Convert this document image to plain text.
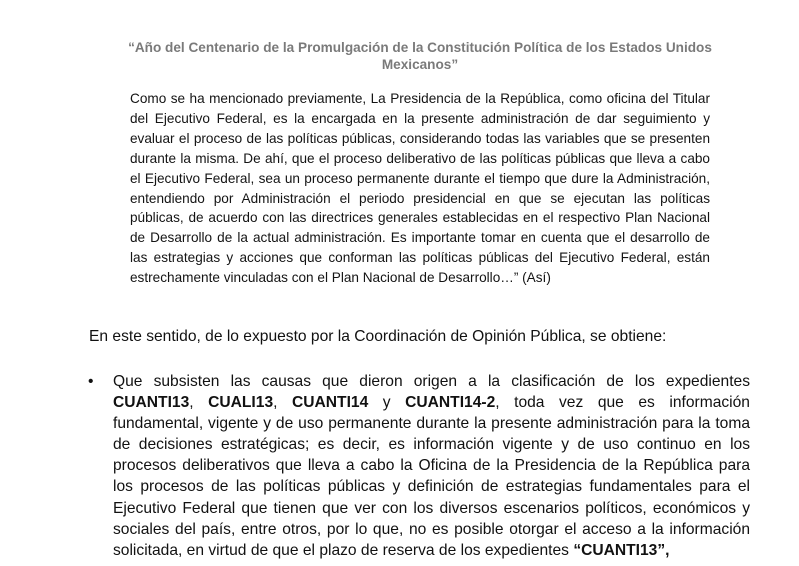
“Año del Centenario de la Promulgación de la Constitución Política de los Estados Unidos
Mexicanos”
Como se ha mencionado previamente, La Presidencia de la República, como oficina del Titular del Ejecutivo Federal, es la encargada en la presente administración de dar seguimiento y evaluar el proceso de las políticas públicas, considerando todas las variables que se presenten durante la misma. De ahí, que el proceso deliberativo de las políticas públicas que lleva a cabo el Ejecutivo Federal, sea un proceso permanente durante el tiempo que dure la Administración, entendiendo por Administración el periodo presidencial en que se ejecutan las políticas públicas, de acuerdo con las directrices generales establecidas en el respectivo Plan Nacional de Desarrollo de la actual administración. Es importante tomar en cuenta que el desarrollo de las estrategias y acciones que conforman las políticas públicas del Ejecutivo Federal, están estrechamente vinculadas con el Plan Nacional de Desarrollo…” (Así)
En este sentido, de lo expuesto por la Coordinación de Opinión Pública, se obtiene:
• Que subsisten las causas que dieron origen a la clasificación de los expedientes CUANTI13, CUALI13, CUANTI14 y CUANTI14-2, toda vez que es información fundamental, vigente y de uso permanente durante la presente administración para la toma de decisiones estratégicas; es decir, es información vigente y de uso continuo en los procesos deliberativos que lleva a cabo la Oficina de la Presidencia de la República para los procesos de las políticas públicas y definición de estrategias fundamentales para el Ejecutivo Federal que tienen que ver con los diversos escenarios políticos, económicos y sociales del país, entre otros, por lo que, no es posible otorgar el acceso a la información solicitada, en virtud de que el plazo de reserva de los expedientes “CUANTI13”,
